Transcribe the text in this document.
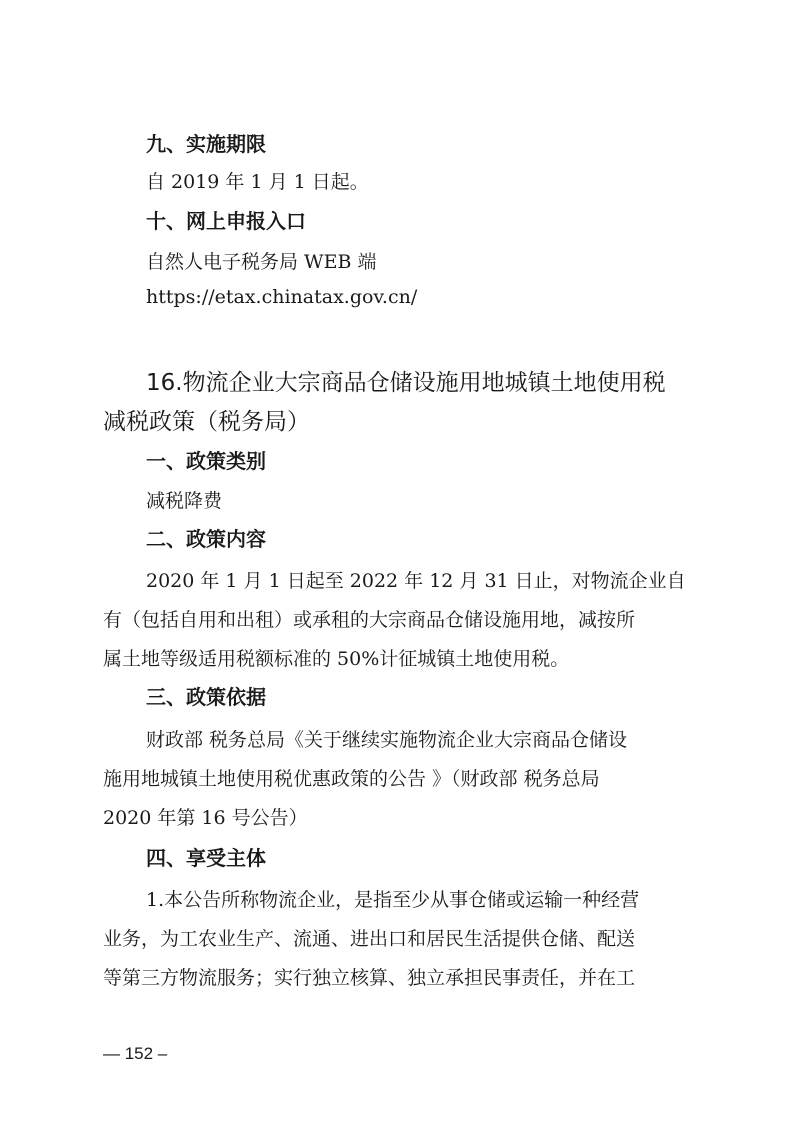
九、实施期限
自 2019 年 1 月 1 日起。
十、网上申报入口
自然人电子税务局 WEB 端
https://etax.chinatax.gov.cn/
16.物流企业大宗商品仓储设施用地城镇土地使用税
减税政策（税务局）
一、政策类别
减税降费
二、政策内容
2020 年 1 月 1 日起至 2022 年 12 月 31 日止，对物流企业自
有（包括自用和出租）或承租的大宗商品仓储设施用地，减按所
属土地等级适用税额标准的 50%计征城镇土地使用税。
三、政策依据
财政部 税务总局《关于继续实施物流企业大宗商品仓储设
施用地城镇土地使用税优惠政策的公告 》（财政部 税务总局
2020 年第 16 号公告）
四、享受主体
1.本公告所称物流企业，是指至少从事仓储或运输一种经营
业务，为工农业生产、流通、进出口和居民生活提供仓储、配送
等第三方物流服务；实行独立核算、独立承担民事责任，并在工
— 152 –
